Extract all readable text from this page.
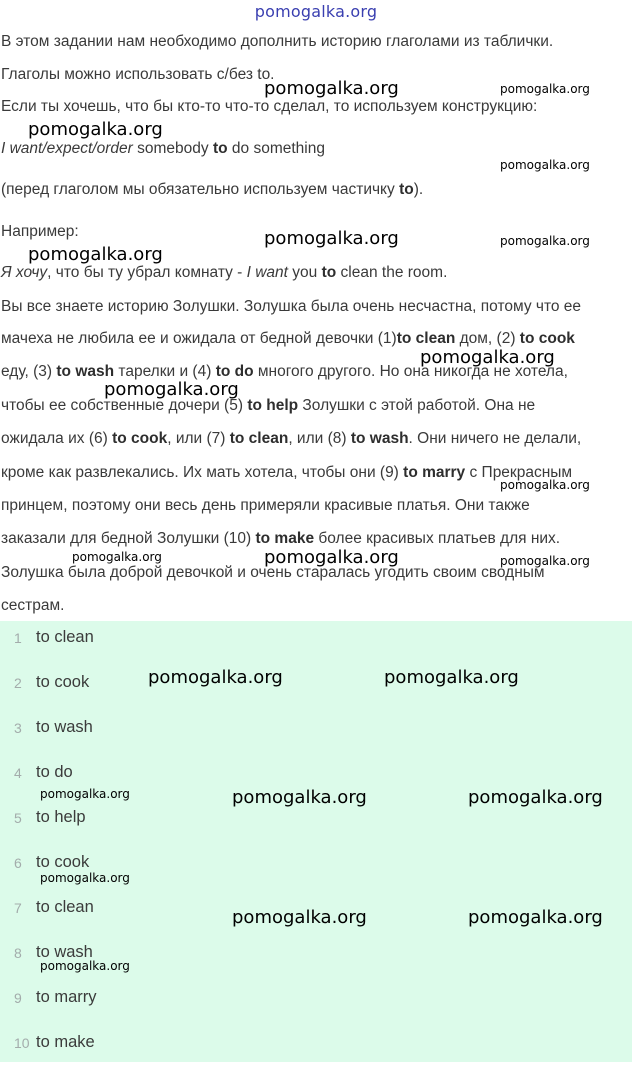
pomogalka.org
В этом задании нам необходимо дополнить историю глаголами из таблички.
Глаголы можно использовать с/без to.
Если ты хочешь, что бы кто-то что-то сделал, то используем конструкцию:
I want/expect/order somebody to do something
(перед глаголом мы обязательно используем частичку to).
Например:
Я хочу, что бы ту убрал комнату - I want you to clean the room.
Вы все знаете историю Золушки. Золушка была очень несчастна, потому что ее
мачеха не любила ее и ожидала от бедной девочки (1)to clean дом, (2) to cook
еду, (3) to wash тарелки и (4) to do многого другого. Но она никогда не хотела,
чтобы ее собственные дочери (5) to help Золушки с этой работой. Она не
ожидала их (6) to cook, или (7) to clean, или (8) to wash. Они ничего не делали,
кроме как развлекались. Их мать хотела, чтобы они (9) to marry с Прекрасным
принцем, поэтому они весь день примеряли красивые платья. Они также
заказали для бедной Золушки (10) to make более красивых платьев для них.
Золушка была доброй девочкой и очень старалась угодить своим сводным
сестрам.
1 to clean
2 to cook
3 to wash
4 to do
5 to help
6 to cook
7 to clean
8 to wash
9 to marry
10 to make
pomogalka.org	pomogalka.org
pomogalka.org
pomogalka.org
pomogalka.org	pomogalka.org
pomogalka.org
pomogalka.org
pomogalka.org
pomogalka.org
pomogalka.org
pomogalka.org	pomogalka.org
pomogalka.org	pomogalka.org
pomogalka.org	pomogalka.org	pomogalka.org
pomogalka.org
pomogalka.org	pomogalka.org
pomogalka.org
